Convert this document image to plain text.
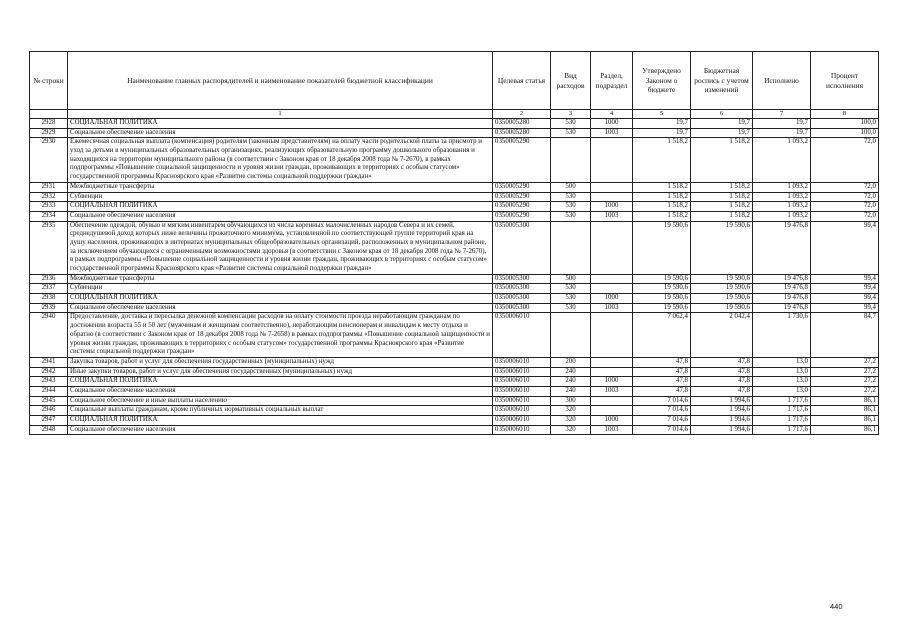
№ строки	Наименование главных распорядителей и наименование показателей бюджетной классификации	Целевая статья	Вид расходов	Раздел, подраздел	Утверждено Законом о бюджете	Бюджетная роспись с учетом изменений	Исполнено	Процент исполнения
	1	2	3	4	5	6	7	8
2928	СОЦИАЛЬНАЯ ПОЛИТИКА	0350005280	530	1000	19,7	19,7	19,7	100,0
2929	Социальное обеспечение населения	0350005280	530	1003	19,7	19,7	19,7	100,0
2930	Ежемесячная социальная выплата (компенсация) родителям (законным представителям) на оплату части родительской платы за присмотр и уход за детьми в муниципальных образовательных организациях, реализующих образовательную программу дошкольного образования и находящихся на территории муниципального района (в соответствии с Законом края от 18 декабря 2008 года № 7-2670), в рамках подпрограммы «Повышение социальной защищенности и уровня жизни граждан, проживающих в территориях с особым статусом» государственной программы Красноярского края «Развитие системы социальной поддержки граждан»	0350005290			1 518,2	1 518,2	1 093,2	72,0
2931	Межбюджетные трансферты	0350005290	500		1 518,2	1 518,2	1 093,2	72,0
2932	Субвенции	0350005290	530		1 518,2	1 518,2	1 093,2	72,0
2933	СОЦИАЛЬНАЯ ПОЛИТИКА	0350005290	530	1000	1 518,2	1 518,2	1 093,2	72,0
2934	Социальное обеспечение населения	0350005290	530	1003	1 518,2	1 518,2	1 093,2	72,0
2935	Обеспечение одеждой, обувью и мягким инвентарем обучающихся из числа коренных малочисленных народов Севера и их семей, среднедушевой доход которых ниже величины прожиточного минимума, установленной по соответствующей группе территорий края на душу населения, проживающих в интернатах муниципальных общеобразовательных организаций, расположенных в муниципальном районе, за исключением обучающихся с ограниченными возможностями здоровья (в соответствии с Законом края от 18 декабря 2008 года № 7-2670), в рамках подпрограммы «Повышение социальной защищенности и уровня жизни граждан, проживающих в территориях с особым статусом» государственной программы Красноярского края «Развитие системы социальной поддержки граждан»	0350005300			19 590,6	19 590,6	19 476,8	99,4
2936	Межбюджетные трансферты	0350005300	500		19 590,6	19 590,6	19 476,8	99,4
2937	Субвенции	0350005300	530		19 590,6	19 590,6	19 476,8	99,4
2938	СОЦИАЛЬНАЯ ПОЛИТИКА	0350005300	530	1000	19 590,6	19 590,6	19 476,8	99,4
2939	Социальное обеспечение населения	0350005300	530	1003	19 590,6	19 590,6	19 476,8	99,4
2940	Предоставление, доставка и пересылка денежной компенсации расходов на оплату стоимости проезда неработающим гражданам по достижении возраста 55 и 50 лет (мужчинам и женщинам соответственно), неработающим пенсионерам и инвалидам к месту отдыха и обратно (в соответствии с Законом края от 18 декабря 2008 года № 7-2658) в рамках подпрограммы «Повышение социальной защищенности и уровня жизни граждан, проживающих в территориях с особым статусом» государственной программы Красноярского края «Развитие системы социальной поддержки граждан»	0350006010			7 062,4	2 042,4	1 730,6	84,7
2941	Закупка товаров, работ и услуг для обеспечения государственных (муниципальных) нужд	0350006010	200		47,8	47,8	13,0	27,2
2942	Иные закупки товаров, работ и услуг для обеспечения государственных (муниципальных) нужд	0350006010	240		47,8	47,8	13,0	27,2
2943	СОЦИАЛЬНАЯ ПОЛИТИКА	0350006010	240	1000	47,8	47,8	13,0	27,2
2944	Социальное обеспечение населения	0350006010	240	1003	47,8	47,8	13,0	27,2
2945	Социальное обеспечение и иные выплаты населению	0350006010	300		7 014,6	1 994,6	1 717,6	86,1
2946	Социальные выплаты гражданам, кроме публичных нормативных социальных выплат	0350006010	320		7 014,6	1 994,6	1 717,6	86,1
2947	СОЦИАЛЬНАЯ ПОЛИТИКА	0350006010	320	1000	7 014,6	1 994,6	1 717,6	86,1
2948	Социальное обеспечение населения	0350006010	320	1003	7 014,6	1 994,6	1 717,6	86,1
440
